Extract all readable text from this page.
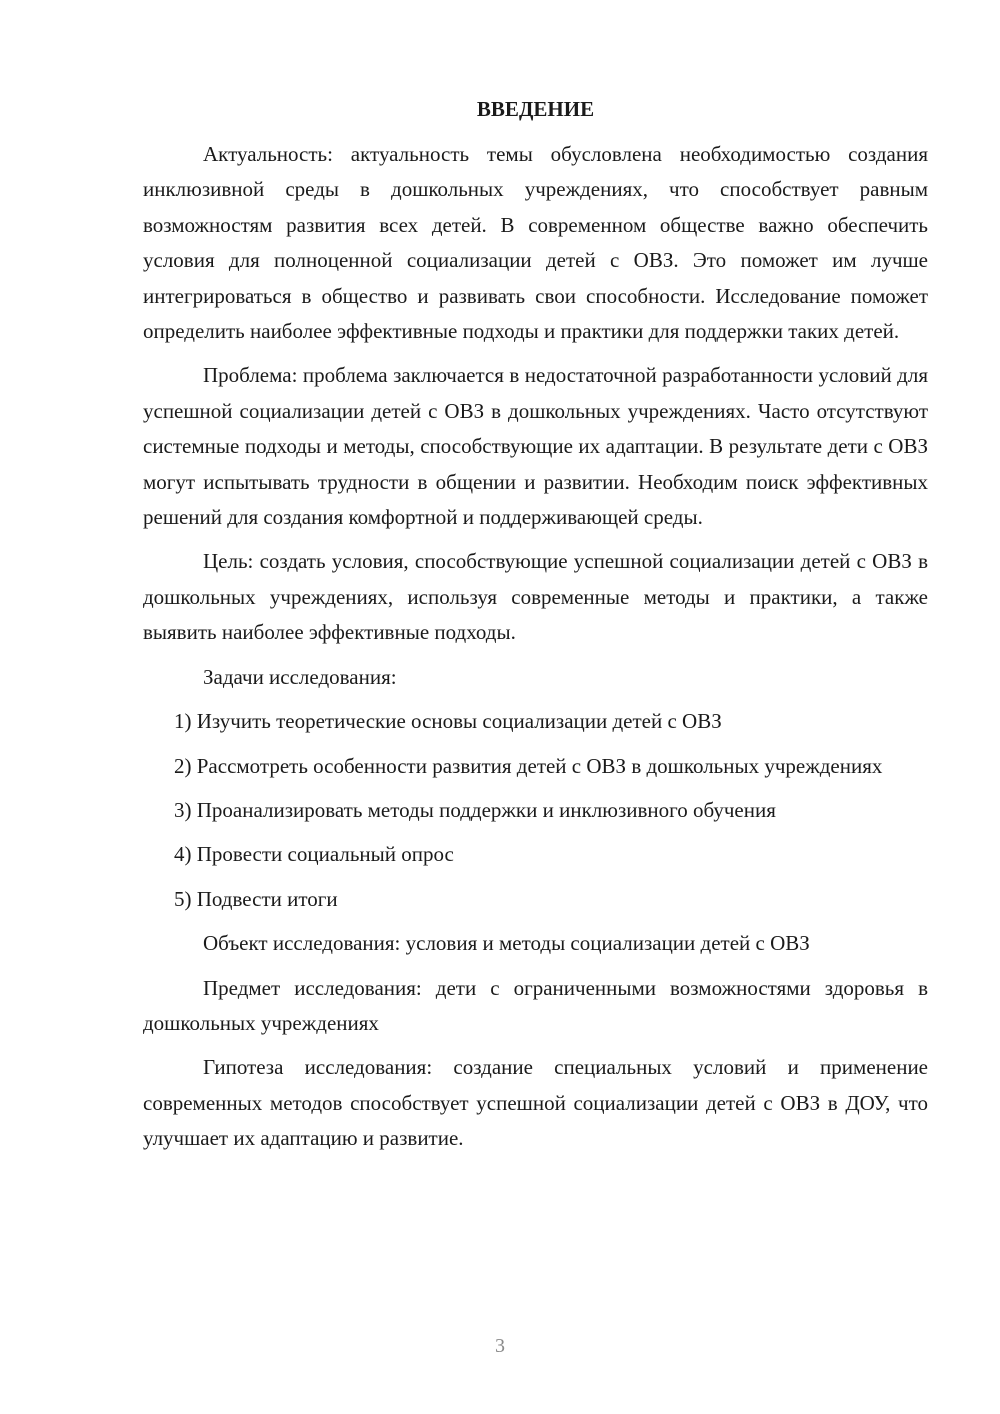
ВВЕДЕНИЕ

Актуальность: актуальность темы обусловлена необходимостью создания инклюзивной среды в дошкольных учреждениях, что способствует равным возможностям развития всех детей. В современном обществе важно обеспечить условия для полноценной социализации детей с ОВЗ. Это поможет им лучше интегрироваться в общество и развивать свои способности. Исследование поможет определить наиболее эффективные подходы и практики для поддержки таких детей.

Проблема: проблема заключается в недостаточной разработанности условий для успешной социализации детей с ОВЗ в дошкольных учреждениях. Часто отсутствуют системные подходы и методы, способствующие их адаптации. В результате дети с ОВЗ могут испытывать трудности в общении и развитии. Необходим поиск эффективных решений для создания комфортной и поддерживающей среды.

Цель: создать условия, способствующие успешной социализации детей с ОВЗ в дошкольных учреждениях, используя современные методы и практики, а также выявить наиболее эффективные подходы.

Задачи исследования:

1) Изучить теоретические основы социализации детей с ОВЗ

2) Рассмотреть особенности развития детей с ОВЗ в дошкольных учреждениях

3) Проанализировать методы поддержки и инклюзивного обучения

4) Провести социальный опрос

5) Подвести итоги

Объект исследования: условия и методы социализации детей с ОВЗ

Предмет исследования: дети с ограниченными возможностями здоровья в дошкольных учреждениях

Гипотеза исследования: создание специальных условий и применение современных методов способствует успешной социализации детей с ОВЗ в ДОУ, что улучшает их адаптацию и развитие.

3
